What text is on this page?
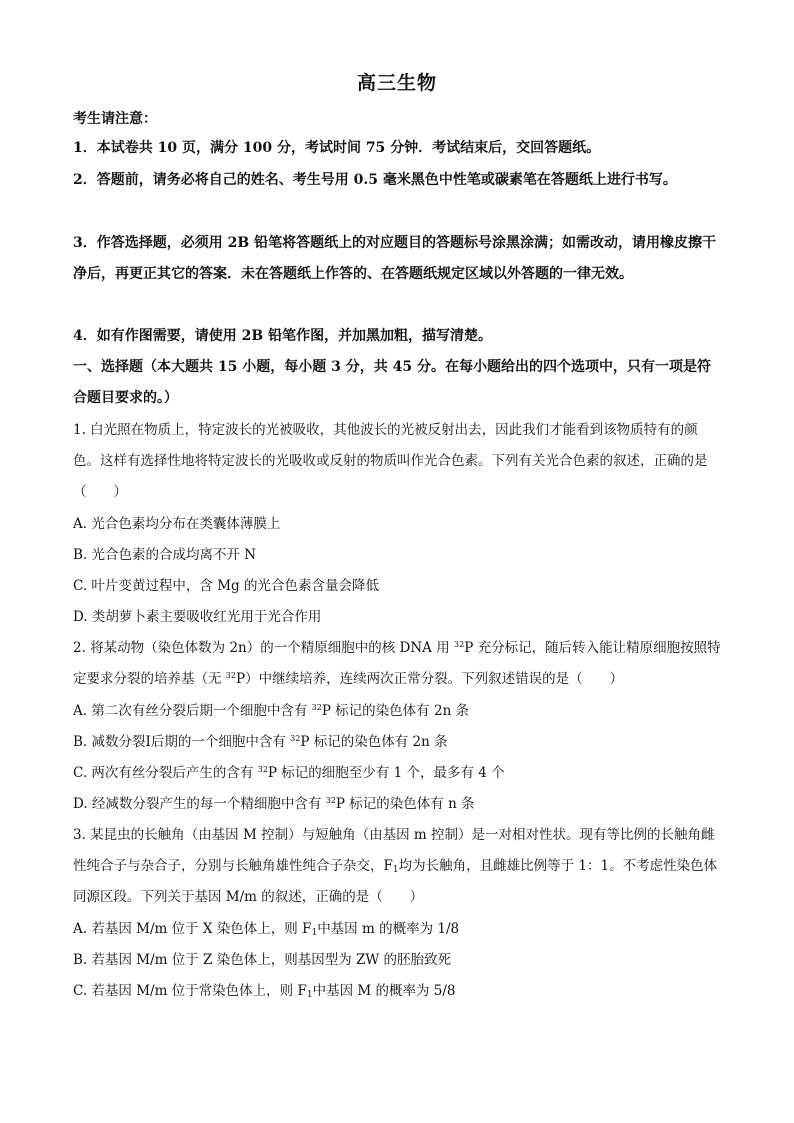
高三生物
考生请注意：
1．本试卷共 10 页，满分 100 分，考试时间 75 分钟．考试结束后，交回答题纸。
2．答题前，请务必将自己的姓名、考生号用 0.5 毫米黑色中性笔或碳素笔在答题纸上进行书写。
3．作答选择题，必须用 2B 铅笔将答题纸上的对应题目的答题标号涂黑涂满；如需改动，请用橡皮擦干净后，再更正其它的答案．未在答题纸上作答的、在答题纸规定区域以外答题的一律无效。
4．如有作图需要，请使用 2B 铅笔作图，并加黑加粗，描写清楚。
一、选择题（本大题共 15 小题，每小题 3 分，共 45 分。在每小题给出的四个选项中，只有一项是符合题目要求的。）
1. 白光照在物质上，特定波长的光被吸收，其他波长的光被反射出去，因此我们才能看到该物质特有的颜色。这样有选择性地将特定波长的光吸收或反射的物质叫作光合色素。下列有关光合色素的叙述，正确的是（　　）
A. 光合色素均分布在类囊体薄膜上
B. 光合色素的合成均离不开 N
C. 叶片变黄过程中，含 Mg 的光合色素含量会降低
D. 类胡萝卜素主要吸收红光用于光合作用
2. 将某动物（染色体数为 2n）的一个精原细胞中的核 DNA 用 $^{32}$P 充分标记，随后转入能让精原细胞按照特定要求分裂的培养基（无 $^{32}$P）中继续培养，连续两次正常分裂。下列叙述错误的是（　　）
A. 第二次有丝分裂后期一个细胞中含有 $^{32}$P 标记的染色体有 2n 条
B. 减数分裂Ⅰ后期的一个细胞中含有 $^{32}$P 标记的染色体有 2n 条
C. 两次有丝分裂后产生的含有 $^{32}$P 标记的细胞至少有 1 个，最多有 4 个
D. 经减数分裂产生的每一个精细胞中含有 $^{32}$P 标记的染色体有 n 条
3. 某昆虫的长触角（由基因 M 控制）与短触角（由基因 m 控制）是一对相对性状。现有等比例的长触角雌性纯合子与杂合子，分别与长触角雄性纯合子杂交，$F_1$均为长触角，且雌雄比例等于 1：1。不考虑性染色体同源区段。下列关于基因 M/m 的叙述，正确的是（　　）
A. 若基因 M/m 位于 X 染色体上，则 $F_1$中基因 m 的概率为 1/8
B. 若基因 M/m 位于 Z 染色体上，则基因型为 ZW 的胚胎致死
C. 若基因 M/m 位于常染色体上，则 $F_1$中基因 M 的概率为 5/8
